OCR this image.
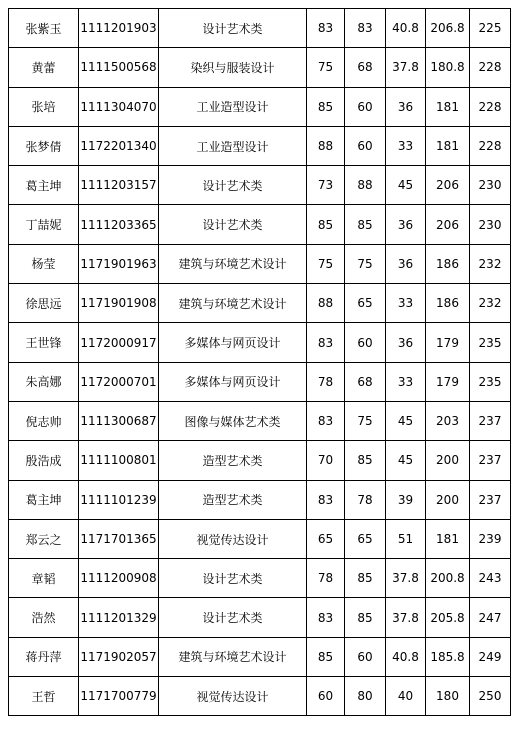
张紫玉	1111201903	设计艺术类	83	83	40.8	206.8	225
黄蕾	1111500568	染织与服装设计	75	68	37.8	180.8	228
张培	1111304070	工业造型设计	85	60	36	181	228
张梦倩	1172201340	工业造型设计	88	60	33	181	228
葛主坤	1111203157	设计艺术类	73	88	45	206	230
丁喆妮	1111203365	设计艺术类	85	85	36	206	230
杨莹	1171901963	建筑与环境艺术设计	75	75	36	186	232
徐思远	1171901908	建筑与环境艺术设计	88	65	33	186	232
王世锋	1172000917	多媒体与网页设计	83	60	36	179	235
朱高娜	1172000701	多媒体与网页设计	78	68	33	179	235
倪志帅	1111300687	图像与媒体艺术类	83	75	45	203	237
殷浩成	1111100801	造型艺术类	70	85	45	200	237
葛主坤	1111101239	造型艺术类	83	78	39	200	237
郑云之	1171701365	视觉传达设计	65	65	51	181	239
章韬	1111200908	设计艺术类	78	85	37.8	200.8	243
浩然	1111201329	设计艺术类	83	85	37.8	205.8	247
蒋丹萍	1171902057	建筑与环境艺术设计	85	60	40.8	185.8	249
王哲	1171700779	视觉传达设计	60	80	40	180	250
